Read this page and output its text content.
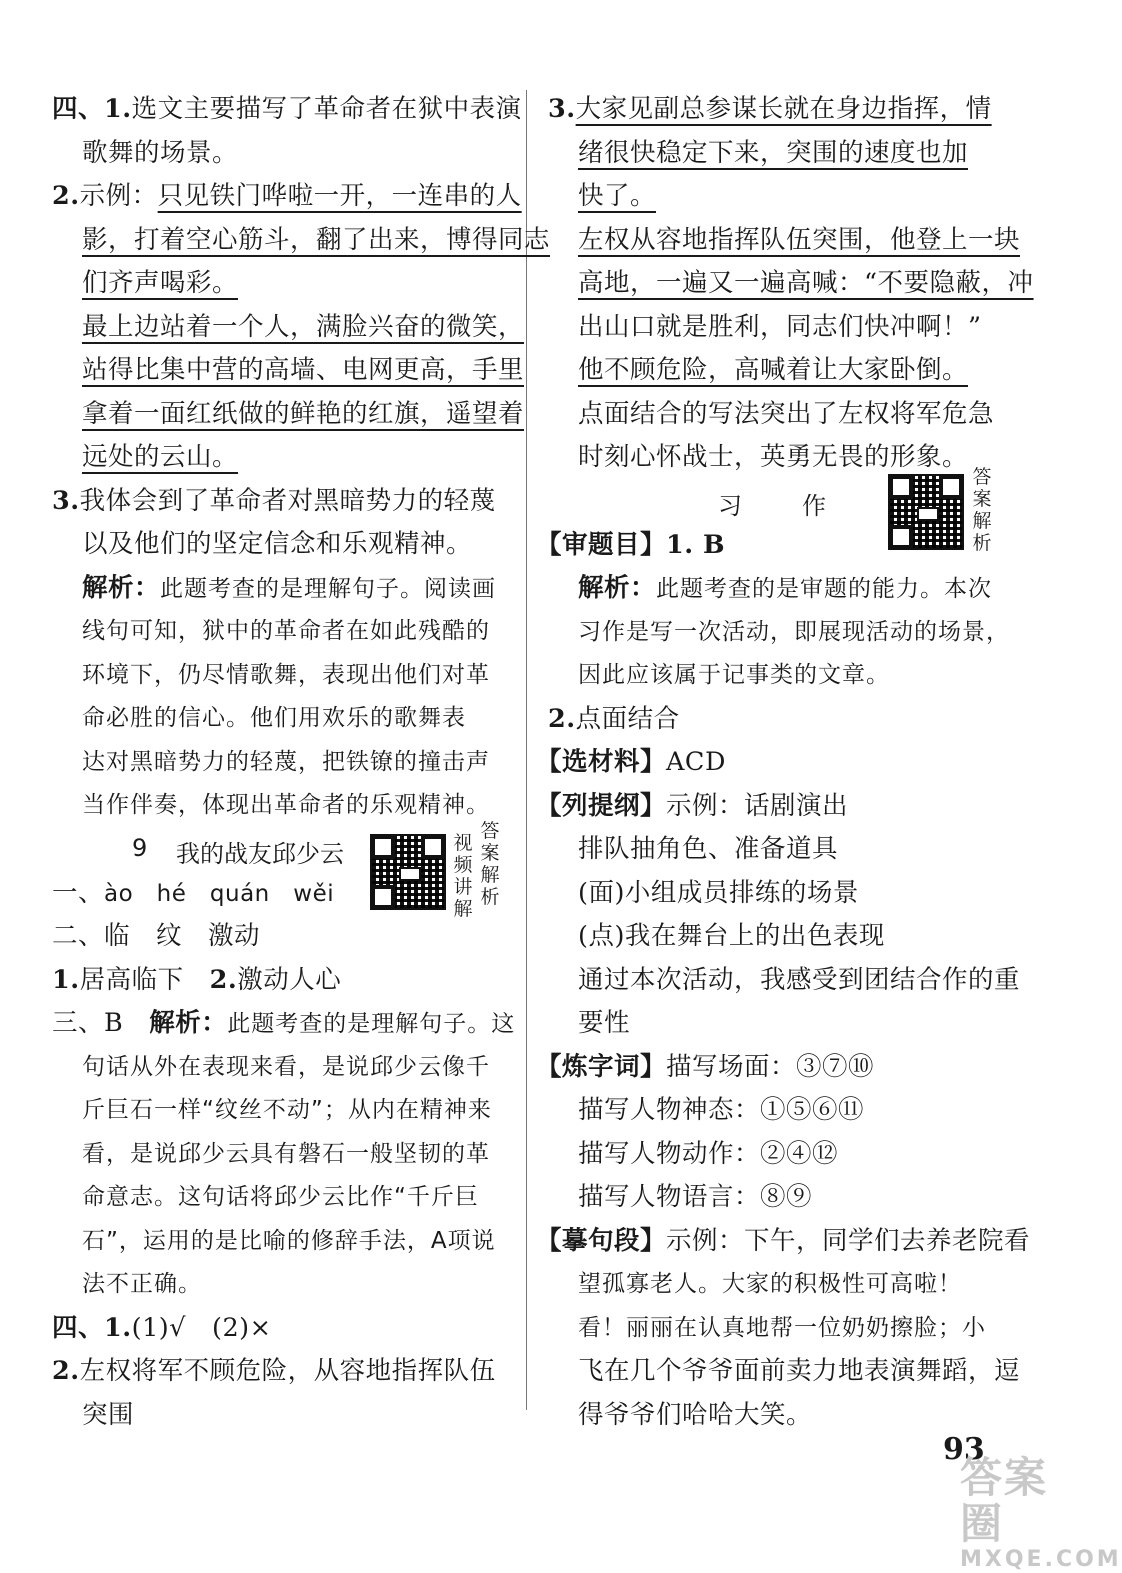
四、1.选文主要描写了革命者在狱中表演
歌舞的场景。
2.示例：只见铁门哗啦一开，一连串的人
影，打着空心筋斗，翻了出来，博得同志
们齐声喝彩。
最上边站着一个人，满脸兴奋的微笑，
站得比集中营的高墙、电网更高，手里
拿着一面红纸做的鲜艳的红旗，遥望着
远处的云山。
3.我体会到了革命者对黑暗势力的轻蔑
以及他们的坚定信念和乐观精神。
解析：此题考查的是理解句子。阅读画
线句可知，狱中的革命者在如此残酷的
环境下，仍尽情歌舞，表现出他们对革
命必胜的信心。他们用欢乐的歌舞表
达对黑暗势力的轻蔑，把铁镣的撞击声
当作伴奏，体现出革命者的乐观精神。
9 我的战友邱少云	视
频
讲
解
答
案
解
析
一、ào　hé　quán　wěi
二、临　纹　激动
1.居高临下　2.激动人心
三、B　解析：此题考查的是理解句子。这
句话从外在表现来看，是说邱少云像千
斤巨石一样“纹丝不动”；从内在精神来
看，是说邱少云具有磐石一般坚韧的革
命意志。这句话将邱少云比作“千斤巨
石”，运用的是比喻的修辞手法，A项说
法不正确。
四、1.(1)√　(2)×
2.左权将军不顾危险，从容地指挥队伍
突围
3.大家见副总参谋长就在身边指挥，情
绪很快稳定下来，突围的速度也加
快了。
左权从容地指挥队伍突围，他登上一块
高地，一遍又一遍高喊：“不要隐蔽，冲
出山口就是胜利，同志们快冲啊！”
他不顾危险，高喊着让大家卧倒。
点面结合的写法突出了左权将军危急
时刻心怀战士，英勇无畏的形象。
习　作
答
案
解
析
【审题目】1. B
解析：此题考查的是审题的能力。本次
习作是写一次活动，即展现活动的场景，
因此应该属于记事类的文章。
2.点面结合
【选材料】ACD
【列提纲】示例：话剧演出
排队抽角色、准备道具
(面)小组成员排练的场景
(点)我在舞台上的出色表现
通过本次活动，我感受到团结合作的重
要性
【炼字词】描写场面：③⑦⑩
描写人物神态：①⑤⑥⑪
描写人物动作：②④⑫
描写人物语言：⑧⑨
【摹句段】示例：下午，同学们去养老院看
望孤寡老人。大家的积极性可高啦！
看！丽丽在认真地帮一位奶奶擦脸；小
飞在几个爷爷面前卖力地表演舞蹈，逗
得爷爷们哈哈大笑。
93
答案圈
MXQE.COM
